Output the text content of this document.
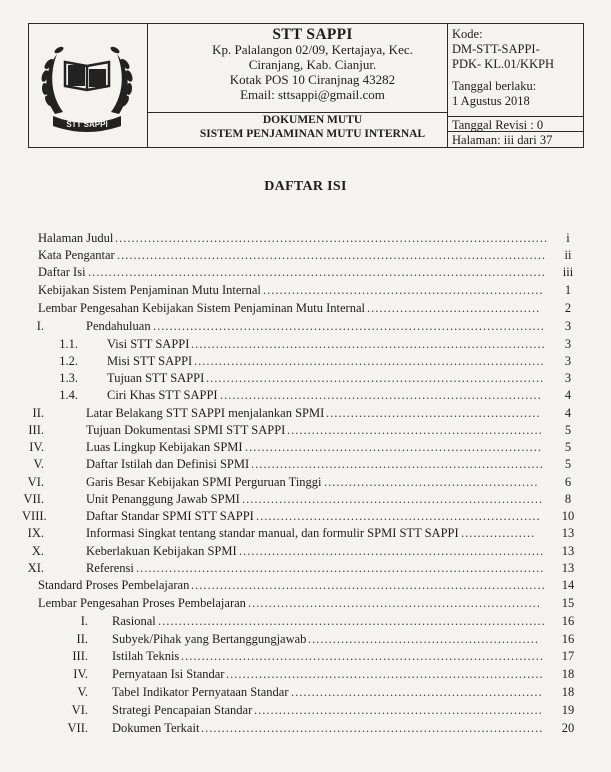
STT SAPPI
STT SAPPI
Kp. Palalangon 02/09, Kertajaya, Kec.
Ciranjang, Kab. Cianjur.
Kotak POS 10 Ciranjnag 43282
Email: sttsappi@gmail.com
DOKUMEN MUTU
SISTEM PENJAMINAN MUTU INTERNAL
Kode:
DM-STT-SAPPI-
PDK- KL.01/KKPH
Tanggal berlaku:
1 Agustus 2018
Tanggal Revisi : 0
Halaman: iii dari 37
DAFTAR ISI
Halaman Judul .........................................................................................................	i
Kata Pengantar ........................................................................................................	ii
Daftar Isi ...............................................................................................................	iii
Kebijakan Sistem Penjaminan Mutu Internal ....................................................................	1
Lembar Pengesahan Kebijakan Sistem Penjaminan Mutu Internal ..........................................	2
I.	Pendahuluan ...............................................................................................	3
1.1. Visi STT SAPPI ......................................................................................	3
1.2. Misi STT SAPPI .....................................................................................	3
1.3. Tujuan STT SAPPI ..................................................................................	3
1.4. Ciri Khas STT SAPPI ..............................................................................	4
II.	Latar Belakang STT SAPPI menjalankan SPMI ....................................................	4
III.	Tujuan Dokumentasi SPMI STT SAPPI ..............................................................	5
IV.	Luas Lingkup Kebijakan SPMI ........................................................................	5
V.	Daftar Istilah dan Definisi SPMI .......................................................................	5
VI.	Garis Besar Kebijakan SPMI Perguruan Tinggi ....................................................	6
VII.	Unit Penanggung Jawab SPMI .........................................................................	8
VIII.	Daftar Standar SPMI STT SAPPI .....................................................................	10
IX.	Informasi Singkat tentang standar manual, dan formulir SPMI STT SAPPI ..................	13
X.	Keberlakuan Kebijakan SPMI ..........................................................................	13
XI.	Referensi ...................................................................................................	13
Standard Proses Pembelajaran ......................................................................................	14
Lembar Pengesahan Proses Pembelajaran .......................................................................	15
I. Rasional ..............................................................................................	16
II. Subyek/Pihak yang Bertanggungjawab ........................................................	16
III. Istilah Teknis ........................................................................................	17
IV. Pernyataan Isi Standar .............................................................................	18
V. Tabel Indikator Pernyataan Standar .............................................................	18
VI. Strategi Pencapaian Standar ......................................................................	19
VII. Dokumen Terkait ...................................................................................	20
